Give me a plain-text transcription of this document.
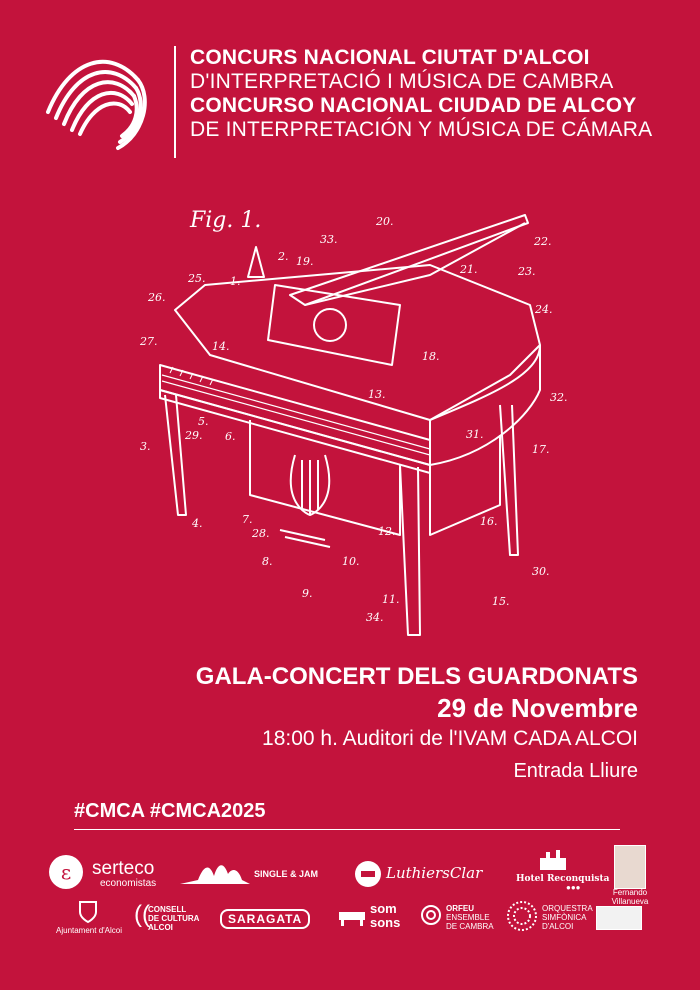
CONCURS NACIONAL CIUTAT D'ALCOI
D'INTERPRETACIÓ I MÚSICA DE CAMBRA
CONCURSO NACIONAL CIUDAD DE ALCOY
DE INTERPRETACIÓN Y MÚSICA DE CÁMARA
Fig. 1.
1.
2.
3.
4.
5.
6.
7.
8.
9.
10.
11.
12.
13.
14.
15.
16.
17.
18.
19.
20.
21.
22.
23.
24.
25.
26.
27.
28.
29.
30.
31.
32.
33.
34.
GALA-CONCERT DELS GUARDONATS
29 de Novembre
18:00 h. Auditori de l'IVAM CADA ALCOI
Entrada Lliure
#CMCA #CMCA2025
ε serteco
economistas
SINGLE & JAM	LuthiersClar	Hotel Reconquista
●●●
Fernando Villanueva
Ajuntament d'Alcoi
((
CONSELL
DE CULTURA
ALCOI
SARAGATA
som
sons
ORFEU
ENSEMBLE
DE CAMBRA
ORQUESTRA
SIMFÒNICA
D'ALCOI
